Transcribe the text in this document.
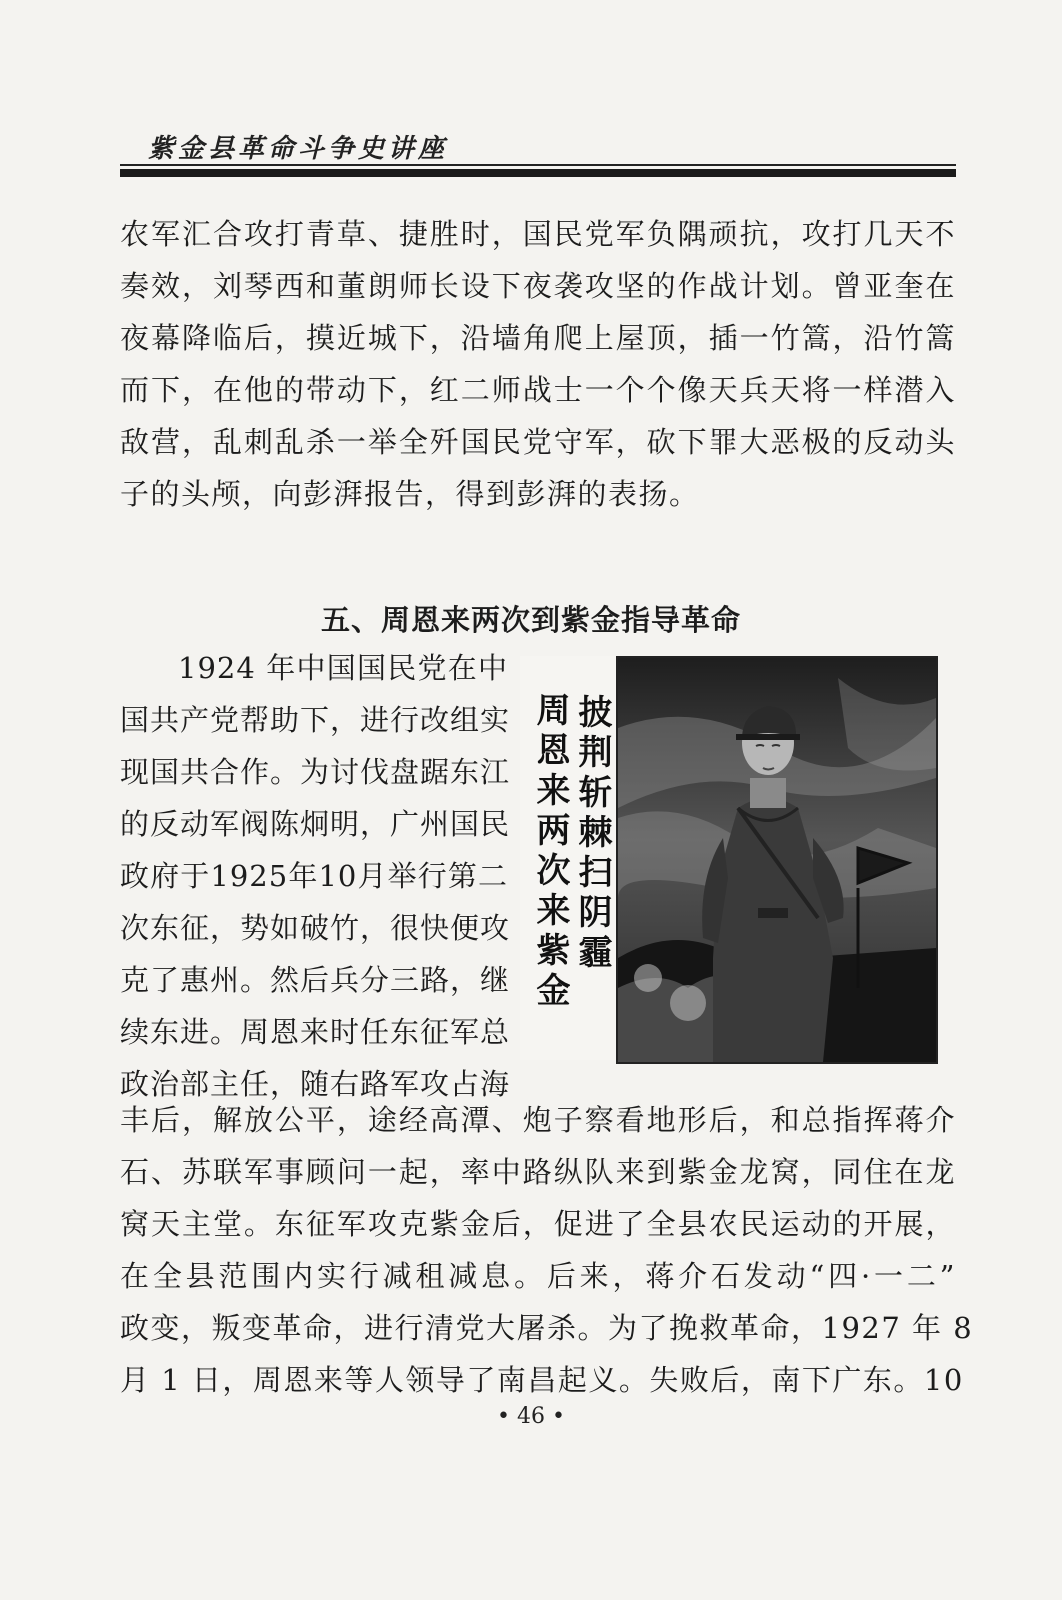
紫金县革命斗争史讲座
农军汇合攻打青草、捷胜时，国民党军负隅顽抗，攻打几天不
奏效，刘琴西和董朗师长设下夜袭攻坚的作战计划。曾亚奎在
夜幕降临后，摸近城下，沿墙角爬上屋顶，插一竹篙，沿竹篙
而下，在他的带动下，红二师战士一个个像天兵天将一样潜入
敌营，乱刺乱杀一举全歼国民党守军，砍下罪大恶极的反动头
子的头颅，向彭湃报告，得到彭湃的表扬。
五、周恩来两次到紫金指导革命
1924 年中国国民党在中
国共产党帮助下，进行改组实
现国共合作。为讨伐盘踞东江
的反动军阀陈炯明，广州国民
政府于1925年10月举行第二
次东征，势如破竹，很快便攻
克了惠州。然后兵分三路，继
续东进。周恩来时任东征军总
政治部主任，随右路军攻占海
披荆斩棘扫阴霾
周恩来两次来紫金
丰后，解放公平，途经高潭、炮子察看地形后，和总指挥蒋介
石、苏联军事顾问一起，率中路纵队来到紫金龙窝，同住在龙
窝天主堂。东征军攻克紫金后，促进了全县农民运动的开展，
在全县范围内实行减租减息。后来，蒋介石发动“四·一二”
政变，叛变革命，进行清党大屠杀。为了挽救革命，1927 年 8
月 1 日，周恩来等人领导了南昌起义。失败后，南下广东。10
• 46 •
